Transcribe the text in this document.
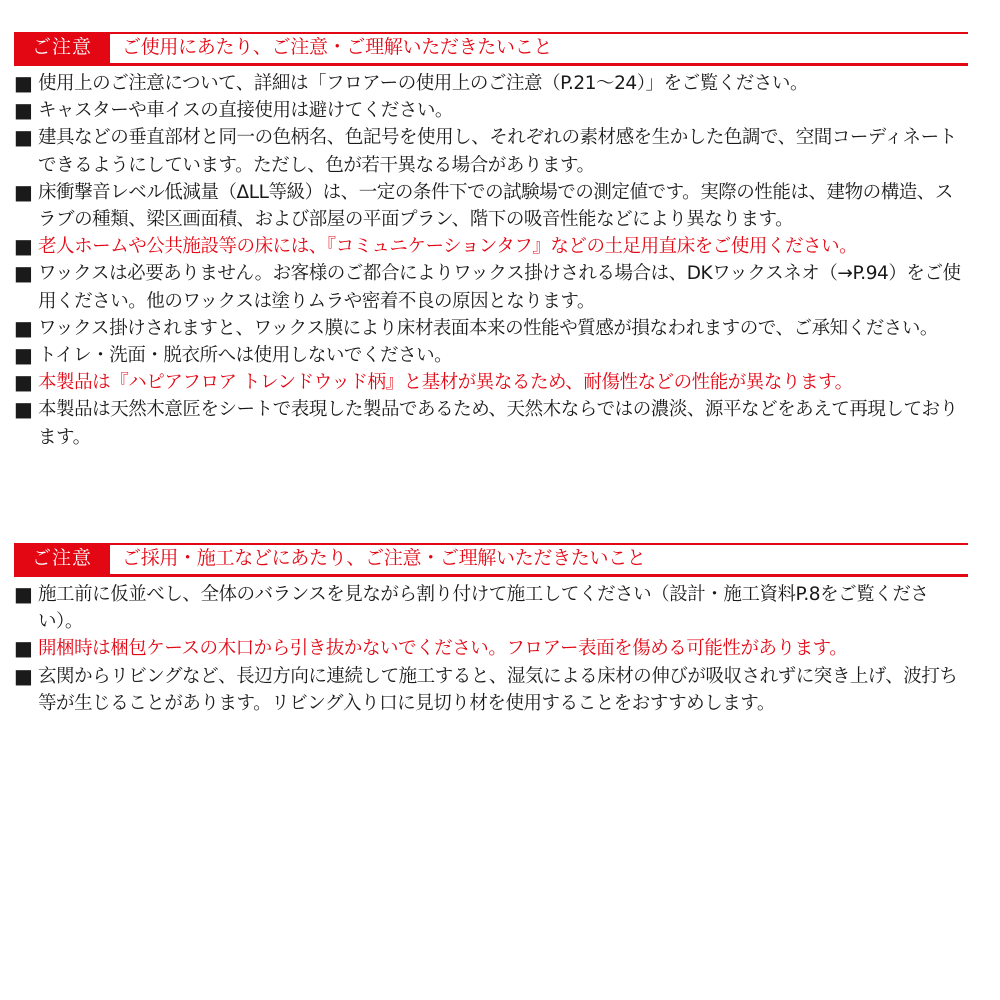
ご注意	ご使用にあたり、ご注意・ご理解いただきたいこと
■ 使用上のご注意について、詳細は「フロアーの使用上のご注意（P.21〜24）」をご覧ください。
■ キャスターや車イスの直接使用は避けてください。
■ 建具などの垂直部材と同一の色柄名、色記号を使用し、それぞれの素材感を生かした色調で、空間コーディネートできるようにしています。ただし、色が若干異なる場合があります。
■ 床衝撃音レベル低減量（ΔLL等級）は、一定の条件下での試験場での測定値です。実際の性能は、建物の構造、スラブの種類、梁区画面積、および部屋の平面プラン、階下の吸音性能などにより異なります。
■ 老人ホームや公共施設等の床には、『コミュニケーションタフ』などの土足用直床をご使用ください。
■ ワックスは必要ありません。お客様のご都合によりワックス掛けされる場合は、DKワックスネオ（→P.94）をご使用ください。他のワックスは塗りムラや密着不良の原因となります。
■ ワックス掛けされますと、ワックス膜により床材表面本来の性能や質感が損なわれますので、ご承知ください。
■ トイレ・洗面・脱衣所へは使用しないでください。
■ 本製品は『ハピアフロア トレンドウッド柄』と基材が異なるため、耐傷性などの性能が異なります。
■ 本製品は天然木意匠をシートで表現した製品であるため、天然木ならではの濃淡、源平などをあえて再現しております。
ご注意	ご採用・施工などにあたり、ご注意・ご理解いただきたいこと
■ 施工前に仮並べし、全体のバランスを見ながら割り付けて施工してください（設計・施工資料P.8をご覧ください）。
■ 開梱時は梱包ケースの木口から引き抜かないでください。フロアー表面を傷める可能性があります。
■ 玄関からリビングなど、長辺方向に連続して施工すると、湿気による床材の伸びが吸収されずに突き上げ、波打ち等が生じることがあります。リビング入り口に見切り材を使用することをおすすめします。
